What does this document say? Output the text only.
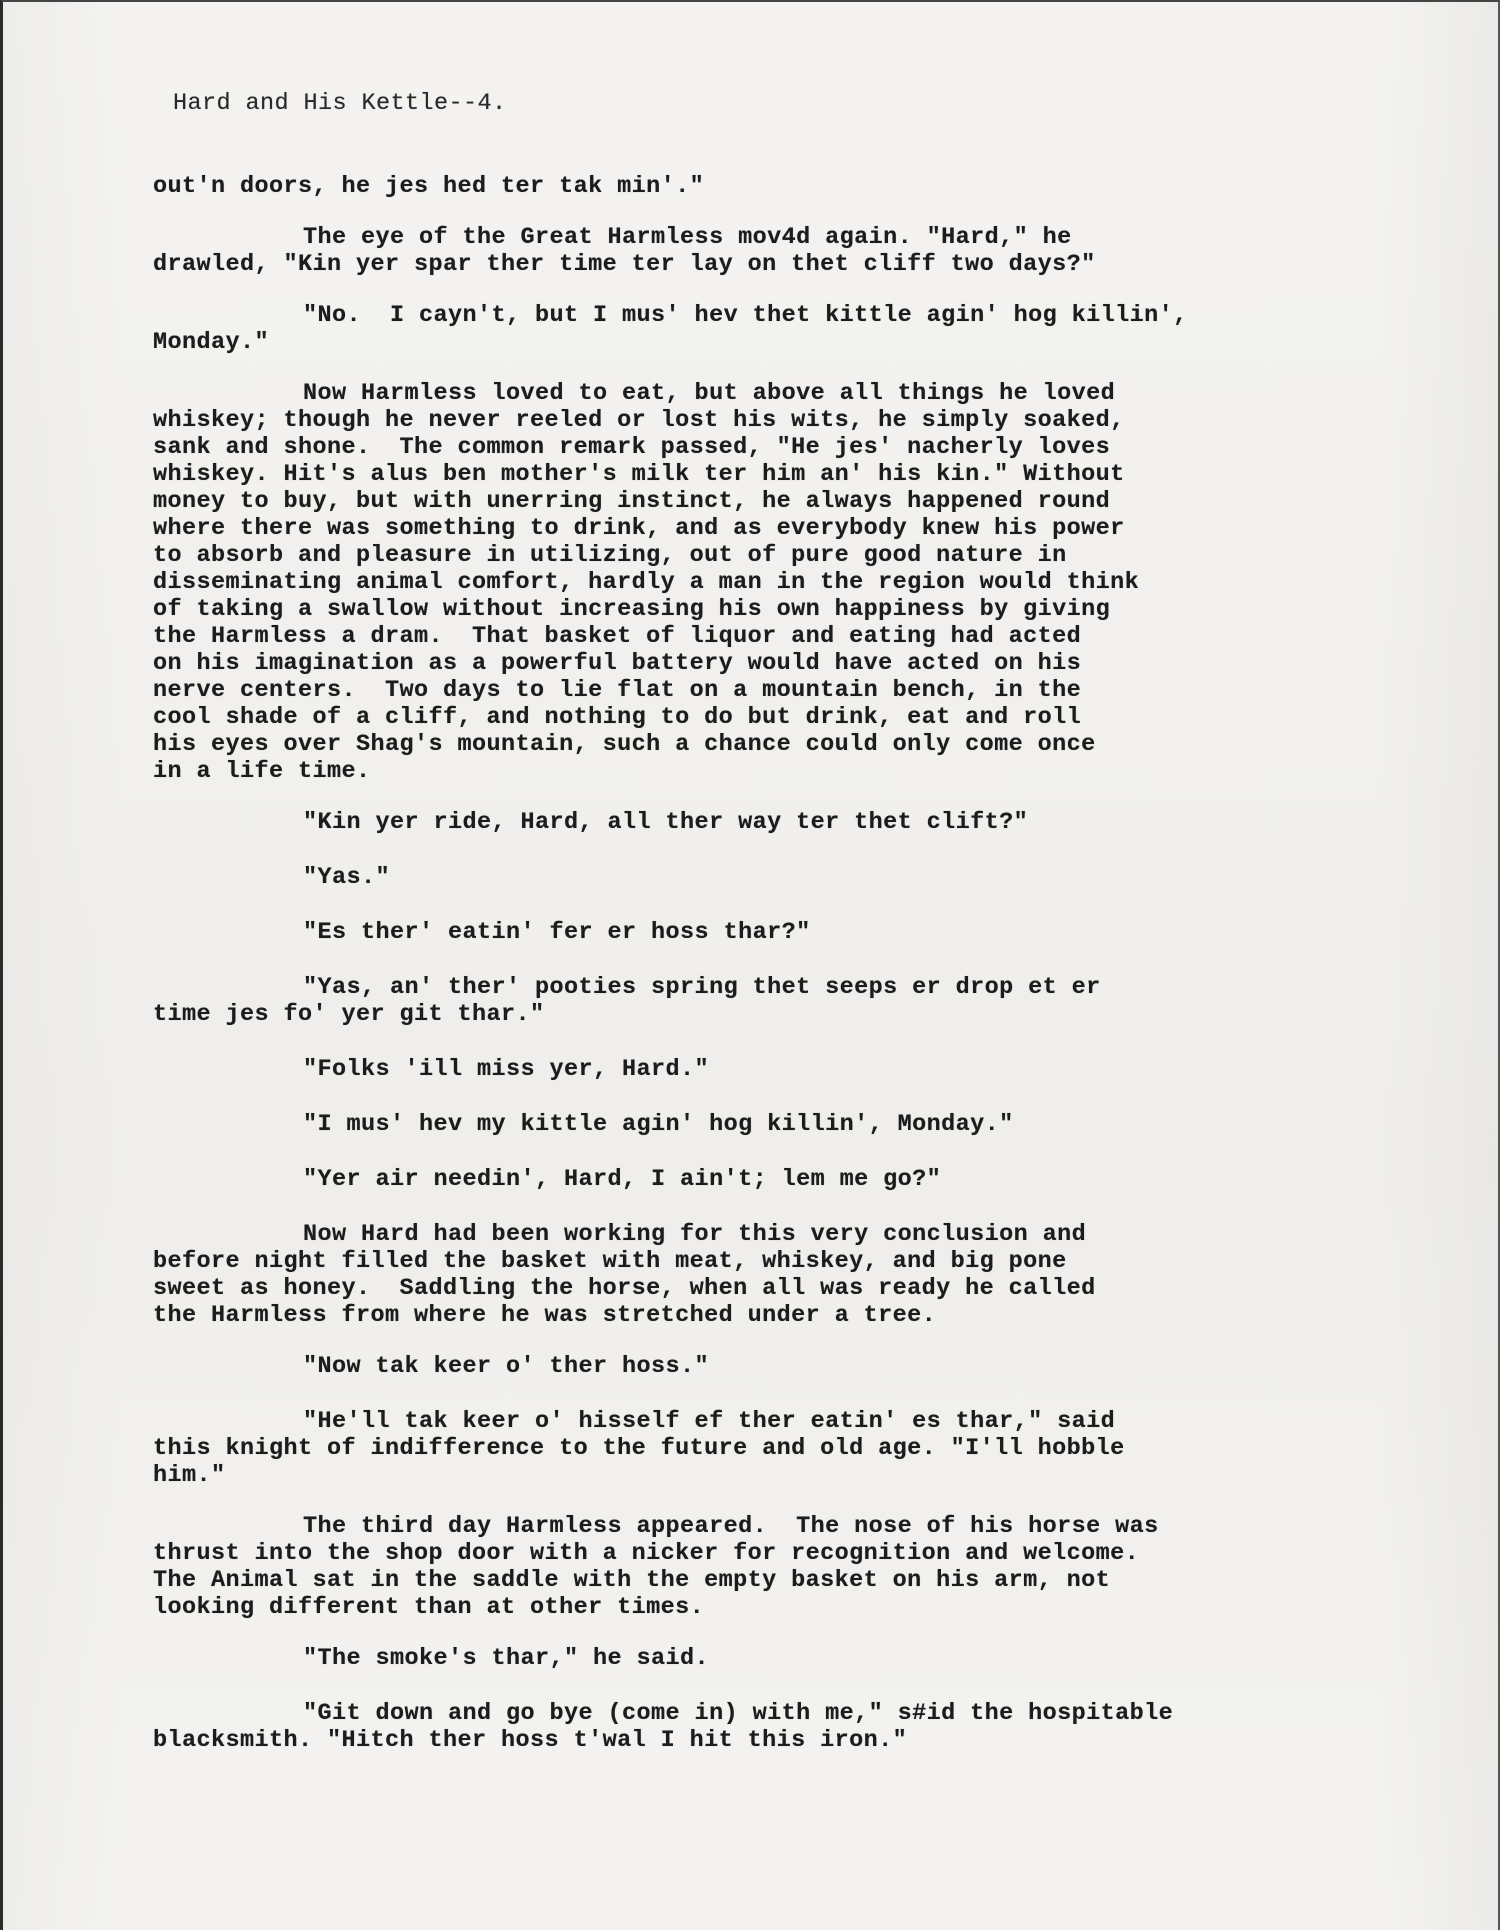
Hard and His Kettle--4.
out'n doors, he jes hed ter tak min'."
The eye of the Great Harmless mov4d again. "Hard," he
drawled, "Kin yer spar ther time ter lay on thet cliff two days?"
"No.  I cayn't, but I mus' hev thet kittle agin' hog killin',
Monday."
Now Harmless loved to eat, but above all things he loved
whiskey; though he never reeled or lost his wits, he simply soaked,
sank and shone.  The common remark passed, "He jes' nacherly loves
whiskey. Hit's alus ben mother's milk ter him an' his kin." Without
money to buy, but with unerring instinct, he always happened round
where there was something to drink, and as everybody knew his power
to absorb and pleasure in utilizing, out of pure good nature in
disseminating animal comfort, hardly a man in the region would think
of taking a swallow without increasing his own happiness by giving
the Harmless a dram.  That basket of liquor and eating had acted
on his imagination as a powerful battery would have acted on his
nerve centers.  Two days to lie flat on a mountain bench, in the
cool shade of a cliff, and nothing to do but drink, eat and roll
his eyes over Shag's mountain, such a chance could only come once
in a life time.
"Kin yer ride, Hard, all ther way ter thet clift?"
"Yas."
"Es ther' eatin' fer er hoss thar?"
"Yas, an' ther' pooties spring thet seeps er drop et er
time jes fo' yer git thar."
"Folks 'ill miss yer, Hard."
"I mus' hev my kittle agin' hog killin', Monday."
"Yer air needin', Hard, I ain't; lem me go?"
Now Hard had been working for this very conclusion and
before night filled the basket with meat, whiskey, and big pone
sweet as honey.  Saddling the horse, when all was ready he called
the Harmless from where he was stretched under a tree.
"Now tak keer o' ther hoss."
"He'll tak keer o' hisself ef ther eatin' es thar," said
this knight of indifference to the future and old age. "I'll hobble
him."
The third day Harmless appeared.  The nose of his horse was
thrust into the shop door with a nicker for recognition and welcome.
The Animal sat in the saddle with the empty basket on his arm, not
looking different than at other times.
"The smoke's thar," he said.
"Git down and go bye (come in) with me," s#id the hospitable
blacksmith. "Hitch ther hoss t'wal I hit this iron."
